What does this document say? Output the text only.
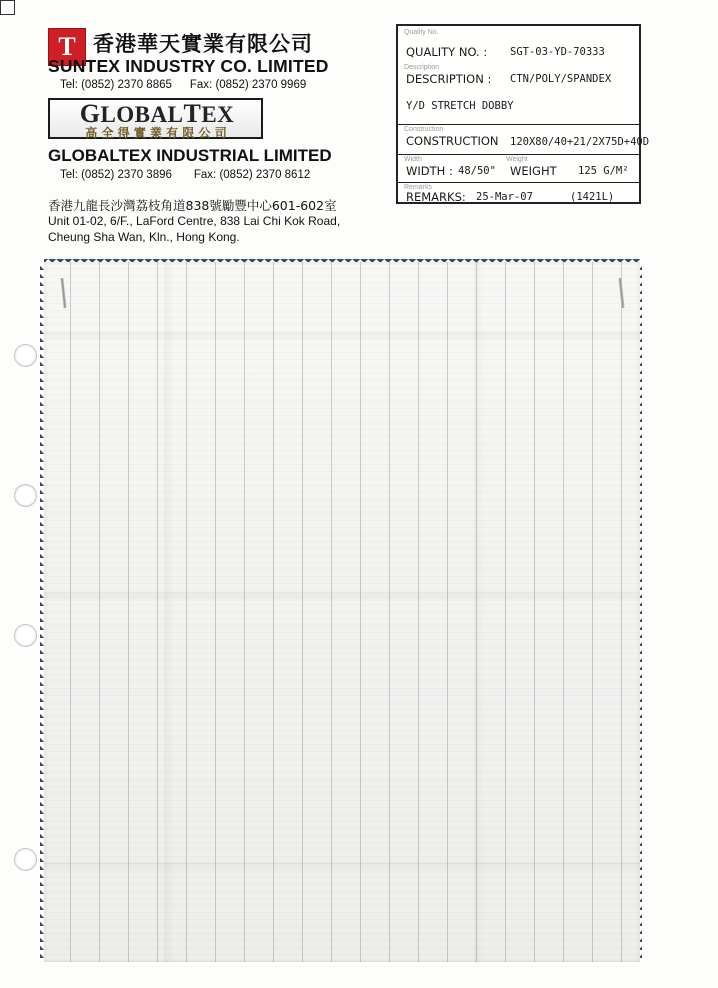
T 香港華天實業有限公司
SUNTEX INDUSTRY CO. LIMITED
Tel: (0852) 2370 8865 Fax: (0852) 2370 9969
GLOBALTEX
高 全 得 實 業 有 限 公 司
GLOBALTEX INDUSTRIAL LIMITED
Tel: (0852) 2370 3896 Fax: (0852) 2370 8612
香港九龍長沙灣荔枝角道838號勵豐中心601-602室
Unit 01-02, 6/F., LaFord Centre, 838 Lai Chi Kok Road,
Cheung Sha Wan, Kln., Hong Kong.
Quality No.
QUALITY NO. : SGT-03-YD-70333
Description
DESCRIPTION : CTN/POLY/SPANDEX
Y/D STRETCH DOBBY
Construction
CONSTRUCTION 120X80/40+21/2X75D+40D
Width	Weight
WIDTH : 48/50" WEIGHT 125 G/M²
Remarks
REMARKS: 25-Mar-07	(1421L)
